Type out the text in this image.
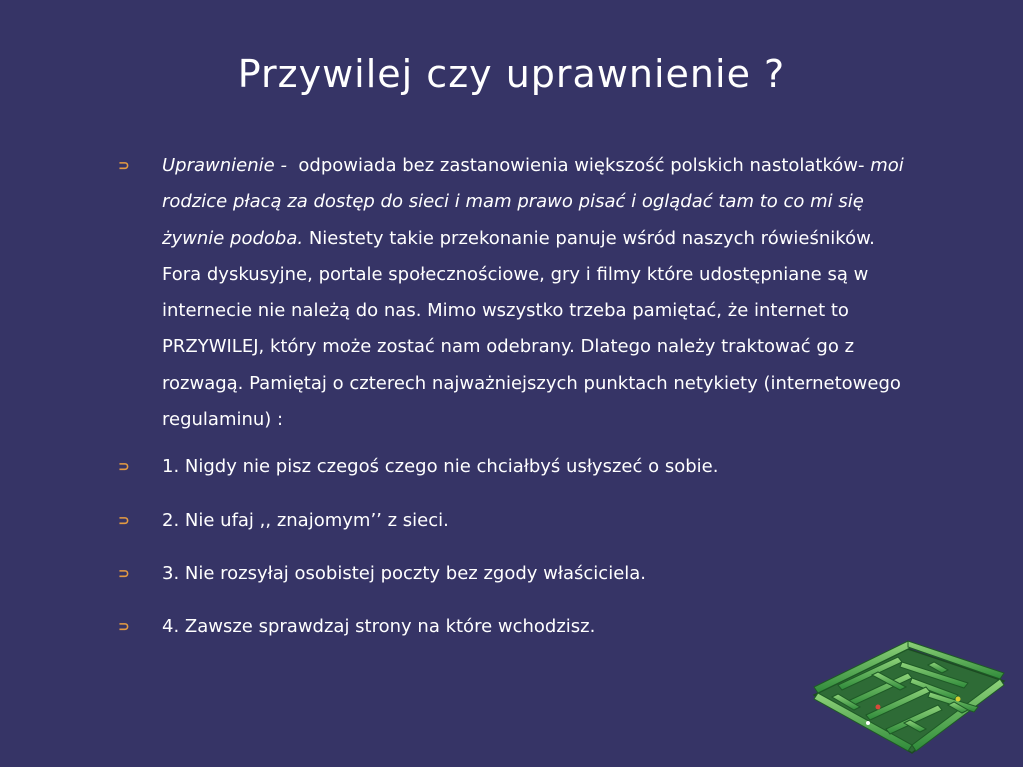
Przywilej czy uprawnienie ?
⊃ Uprawnienie - odpowiada bez zastanowienia większość polskich nastolatków- moi rodzice płacą za dostęp do sieci i mam prawo pisać i oglądać tam to co mi się żywnie podoba. Niestety takie przekonanie panuje wśród naszych rówieśników. Fora dyskusyjne, portale społecznościowe, gry i filmy które udostępniane są w internecie nie należą do nas. Mimo wszystko trzeba pamiętać, że internet to PRZYWILEJ, który może zostać nam odebrany. Dlatego należy traktować go z rozwagą. Pamiętaj o czterech najważniejszych punktach netykiety (internetowego regulaminu) :
⊃ 1. Nigdy nie pisz czegoś czego nie chciałbyś usłyszeć o sobie.
⊃ 2. Nie ufaj ,, znajomym’’ z sieci.
⊃ 3. Nie rozsyłaj osobistej poczty bez zgody właściciela.
⊃ 4. Zawsze sprawdzaj strony na które wchodzisz.
